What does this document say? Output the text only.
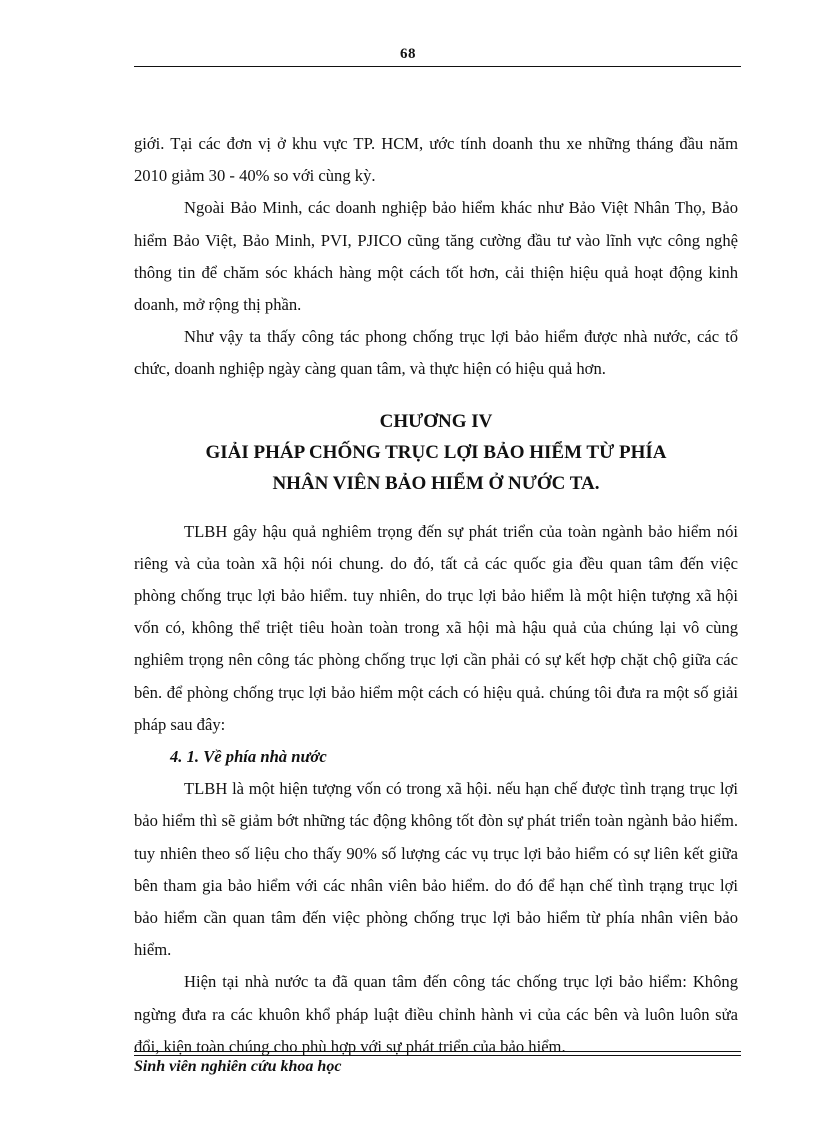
68

giới. Tại các đơn vị ở khu vực TP. HCM, ước tính doanh thu xe những tháng đầu năm 2010 giảm 30 - 40% so với cùng kỳ.

Ngoài Bảo Minh, các doanh nghiệp bảo hiểm khác như Bảo Việt Nhân Thọ, Bảo hiểm Bảo Việt, Bảo Minh, PVI, PJICO cũng tăng cường đầu tư vào lĩnh vực công nghệ thông tin để chăm sóc khách hàng một cách tốt hơn, cải thiện hiệu quả hoạt động kinh doanh, mở rộng thị phần.

Như vậy ta thấy công tác phong chống trục lợi bảo hiểm được nhà nước, các tổ chức, doanh nghiệp ngày càng quan tâm, và thực hiện có hiệu quả hơn.

CHƯƠNG IV
GIẢI PHÁP CHỐNG TRỤC LỢI BẢO HIỂM TỪ PHÍA
NHÂN VIÊN BẢO HIỂM Ở NƯỚC TA.

TLBH gây hậu quả nghiêm trọng đến sự phát triển của toàn ngành bảo hiểm nói riêng và của toàn xã hội nói chung. do đó, tất cả các quốc gia đều quan tâm đến việc phòng chống trục lợi bảo hiểm. tuy nhiên, do trục lợi bảo hiểm là một hiện tượng xã hội vốn có, không thể triệt tiêu hoàn toàn trong xã hội mà hậu quả của chúng lại vô cùng nghiêm trọng nên công tác phòng chống trục lợi cần phải có sự kết hợp chặt chộ giữa các bên. để phòng chống trục lợi bảo hiểm một cách có hiệu quả. chúng tôi đưa ra một số giải pháp sau đây:

4. 1. Về phía nhà nước

TLBH là một hiện tượng vốn có trong xã hội. nếu hạn chế được tình trạng trục lợi bảo hiểm thì sẽ giảm bớt những tác động không tốt đòn sự phát triển toàn ngành bảo hiểm. tuy nhiên theo số liệu cho thấy 90% số lượng các vụ trục lợi bảo hiểm có sự liên kết giữa bên tham gia bảo hiểm với các nhân viên bảo hiểm. do đó để hạn chế tình trạng trục lợi bảo hiểm cần quan tâm đến việc phòng chống trục lợi bảo hiểm từ phía nhân viên bảo hiểm.

Hiện tại nhà nước ta đã quan tâm đến công tác chống trục lợi bảo hiểm: Không ngừng đưa ra các khuôn khổ pháp luật điều chỉnh hành vi của các bên và luôn luôn sửa đổi, kiện toàn chúng cho phù hợp với sự phát triển của bảo hiểm.

Sinh viên nghiên cứu khoa học
